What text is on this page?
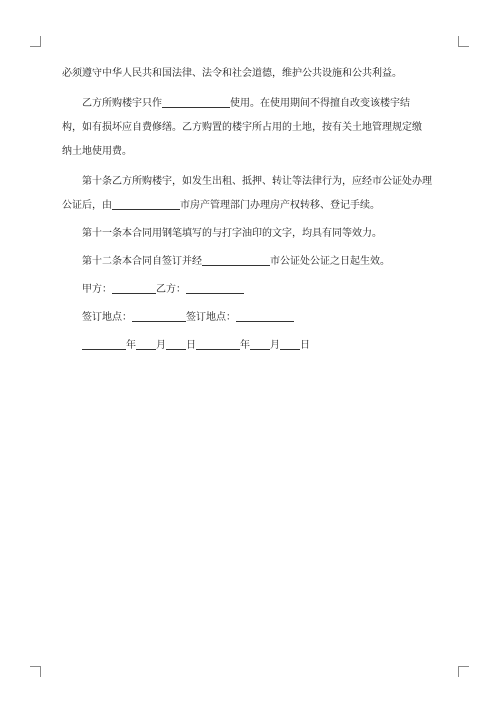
必须遵守中华人民共和国法律、法令和社会道德，维护公共设施和公共利益。

乙方所购楼宇只作	使用。在使用期间不得擅自改变该楼宇结构，如有损坏应自费修缮。乙方购置的楼宇所占用的土地，按有关土地管理规定缴纳土地使用费。

第十条乙方所购楼宇，如发生出租、抵押、转让等法律行为，应经市公证处办理

公证后，由	市房产管理部门办理房产权转移、登记手续。

第十一条本合同用钢笔填写的与打字油印的文字，均具有同等效力。

第十二条本合同自签订并经	市公证处公证之日起生效。

甲方：	乙方：

签订地点：	签订地点：

年 月 日	年 月 日
